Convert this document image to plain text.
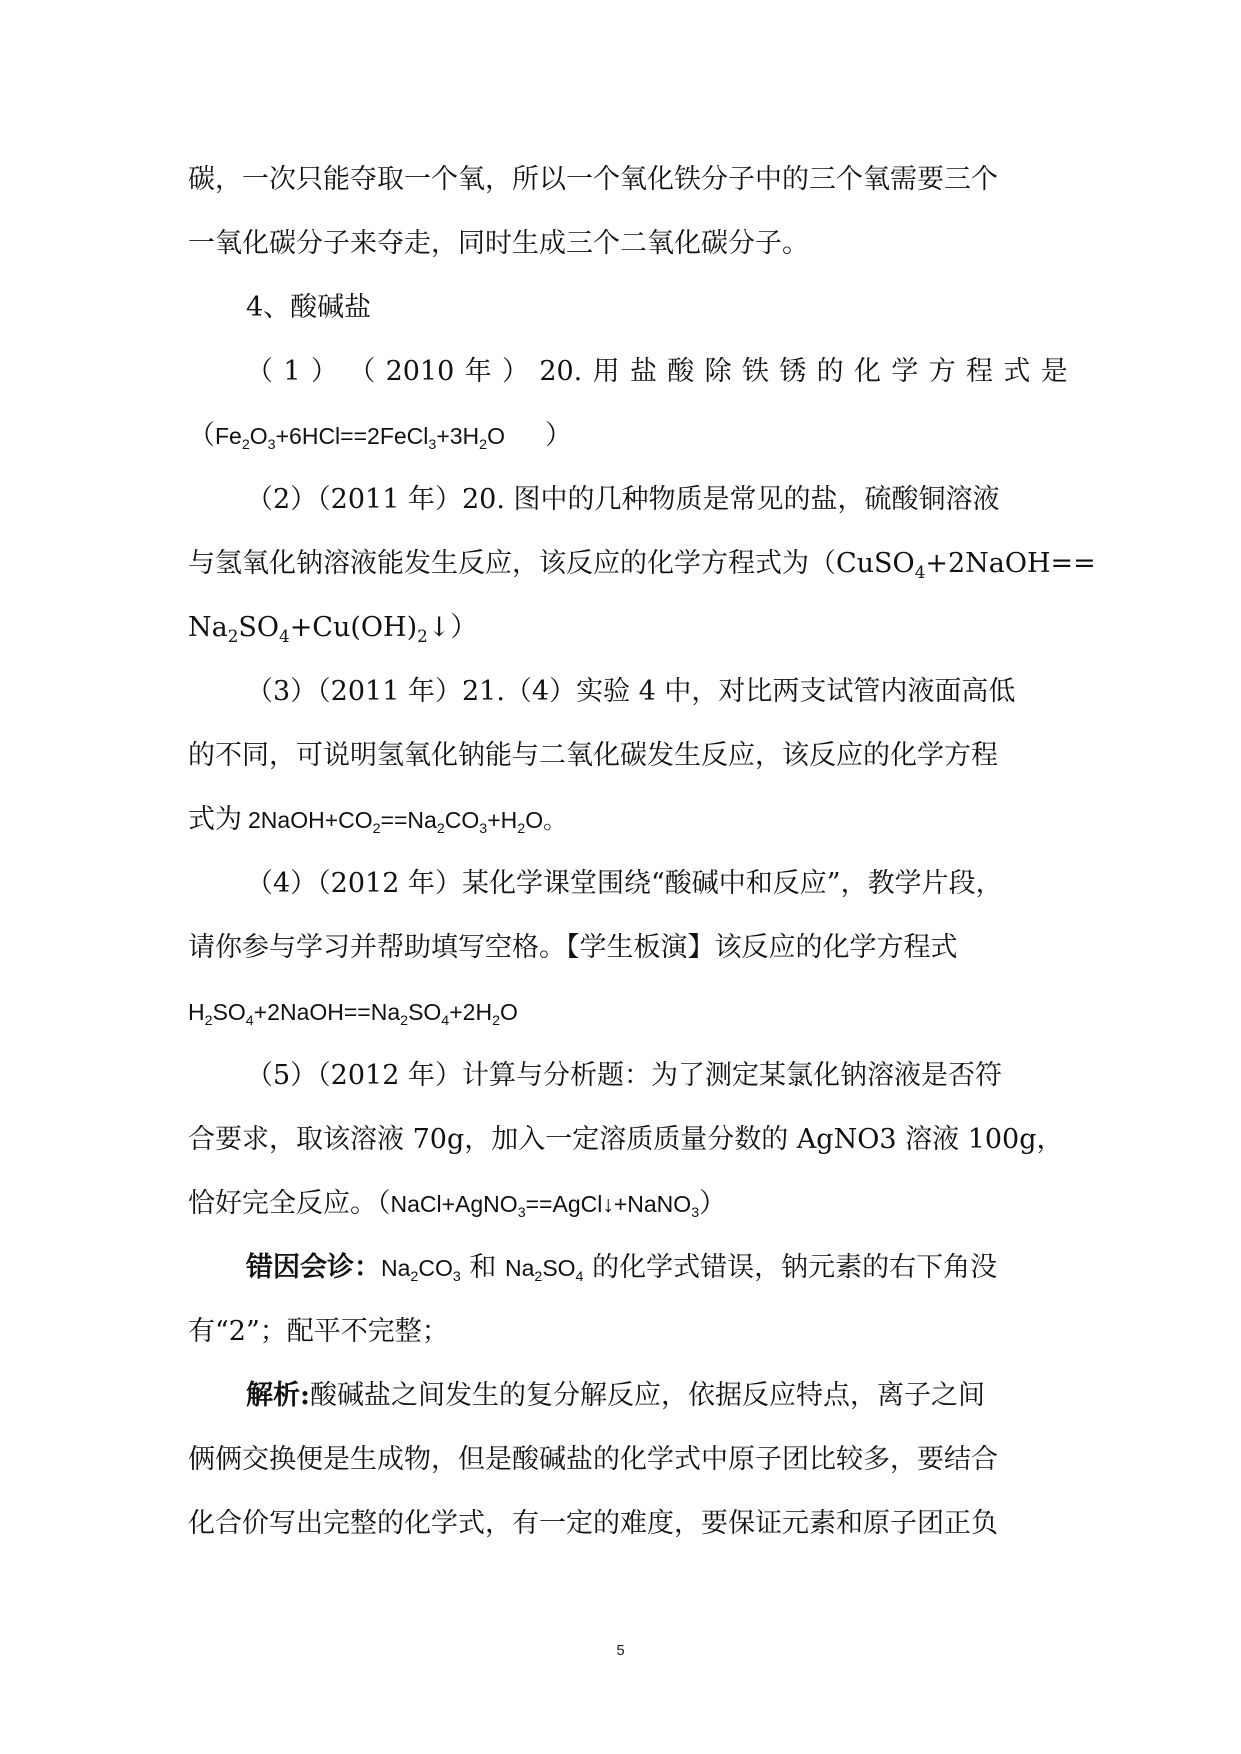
碳，一次只能夺取一个氧，所以一个氧化铁分子中的三个氧需要三个
一氧化碳分子来夺走，同时生成三个二氧化碳分子。
4、酸碱盐
（ 1 ） （ 2010 年 ） 20. 用 盐 酸 除 铁 锈 的 化 学 方 程 式 是
（$Fe_2O_3+6HCl==2FeCl_3+3H_2O$ ）
（2）（2011 年）20. 图中的几种物质是常见的盐，硫酸铜溶液
与氢氧化钠溶液能发生反应，该反应的化学方程式为（CuSO$_4$+2NaOH==
$Na_2SO_4+Cu(OH)_2↓$）
（3）（2011 年）21.（4）实验 4 中，对比两支试管内液面高低
的不同，可说明氢氧化钠能与二氧化碳发生反应，该反应的化学方程
式为 $2NaOH+CO_2==Na_2CO_3+H_2O$。
（4）（2012 年）某化学课堂围绕“酸碱中和反应”，教学片段，
请你参与学习并帮助填写空格。【学生板演】该反应的化学方程式
$H_2SO_4+2NaOH==Na_2SO_4+2H_2O$
（5）（2012 年）计算与分析题：为了测定某氯化钠溶液是否符
合要求，取该溶液 70g，加入一定溶质质量分数的 AgNO3 溶液 100g，
恰好完全反应。（NaCl+AgNO$_3$==AgCl↓+NaNO$_3$）
错因会诊：$Na_2CO_3$ 和 $Na_2SO_4$ 的化学式错误，钠元素的右下角没
有“2”；配平不完整；
解析:酸碱盐之间发生的复分解反应，依据反应特点，离子之间
俩俩交换便是生成物，但是酸碱盐的化学式中原子团比较多，要结合
化合价写出完整的化学式，有一定的难度，要保证元素和原子团正负
5
